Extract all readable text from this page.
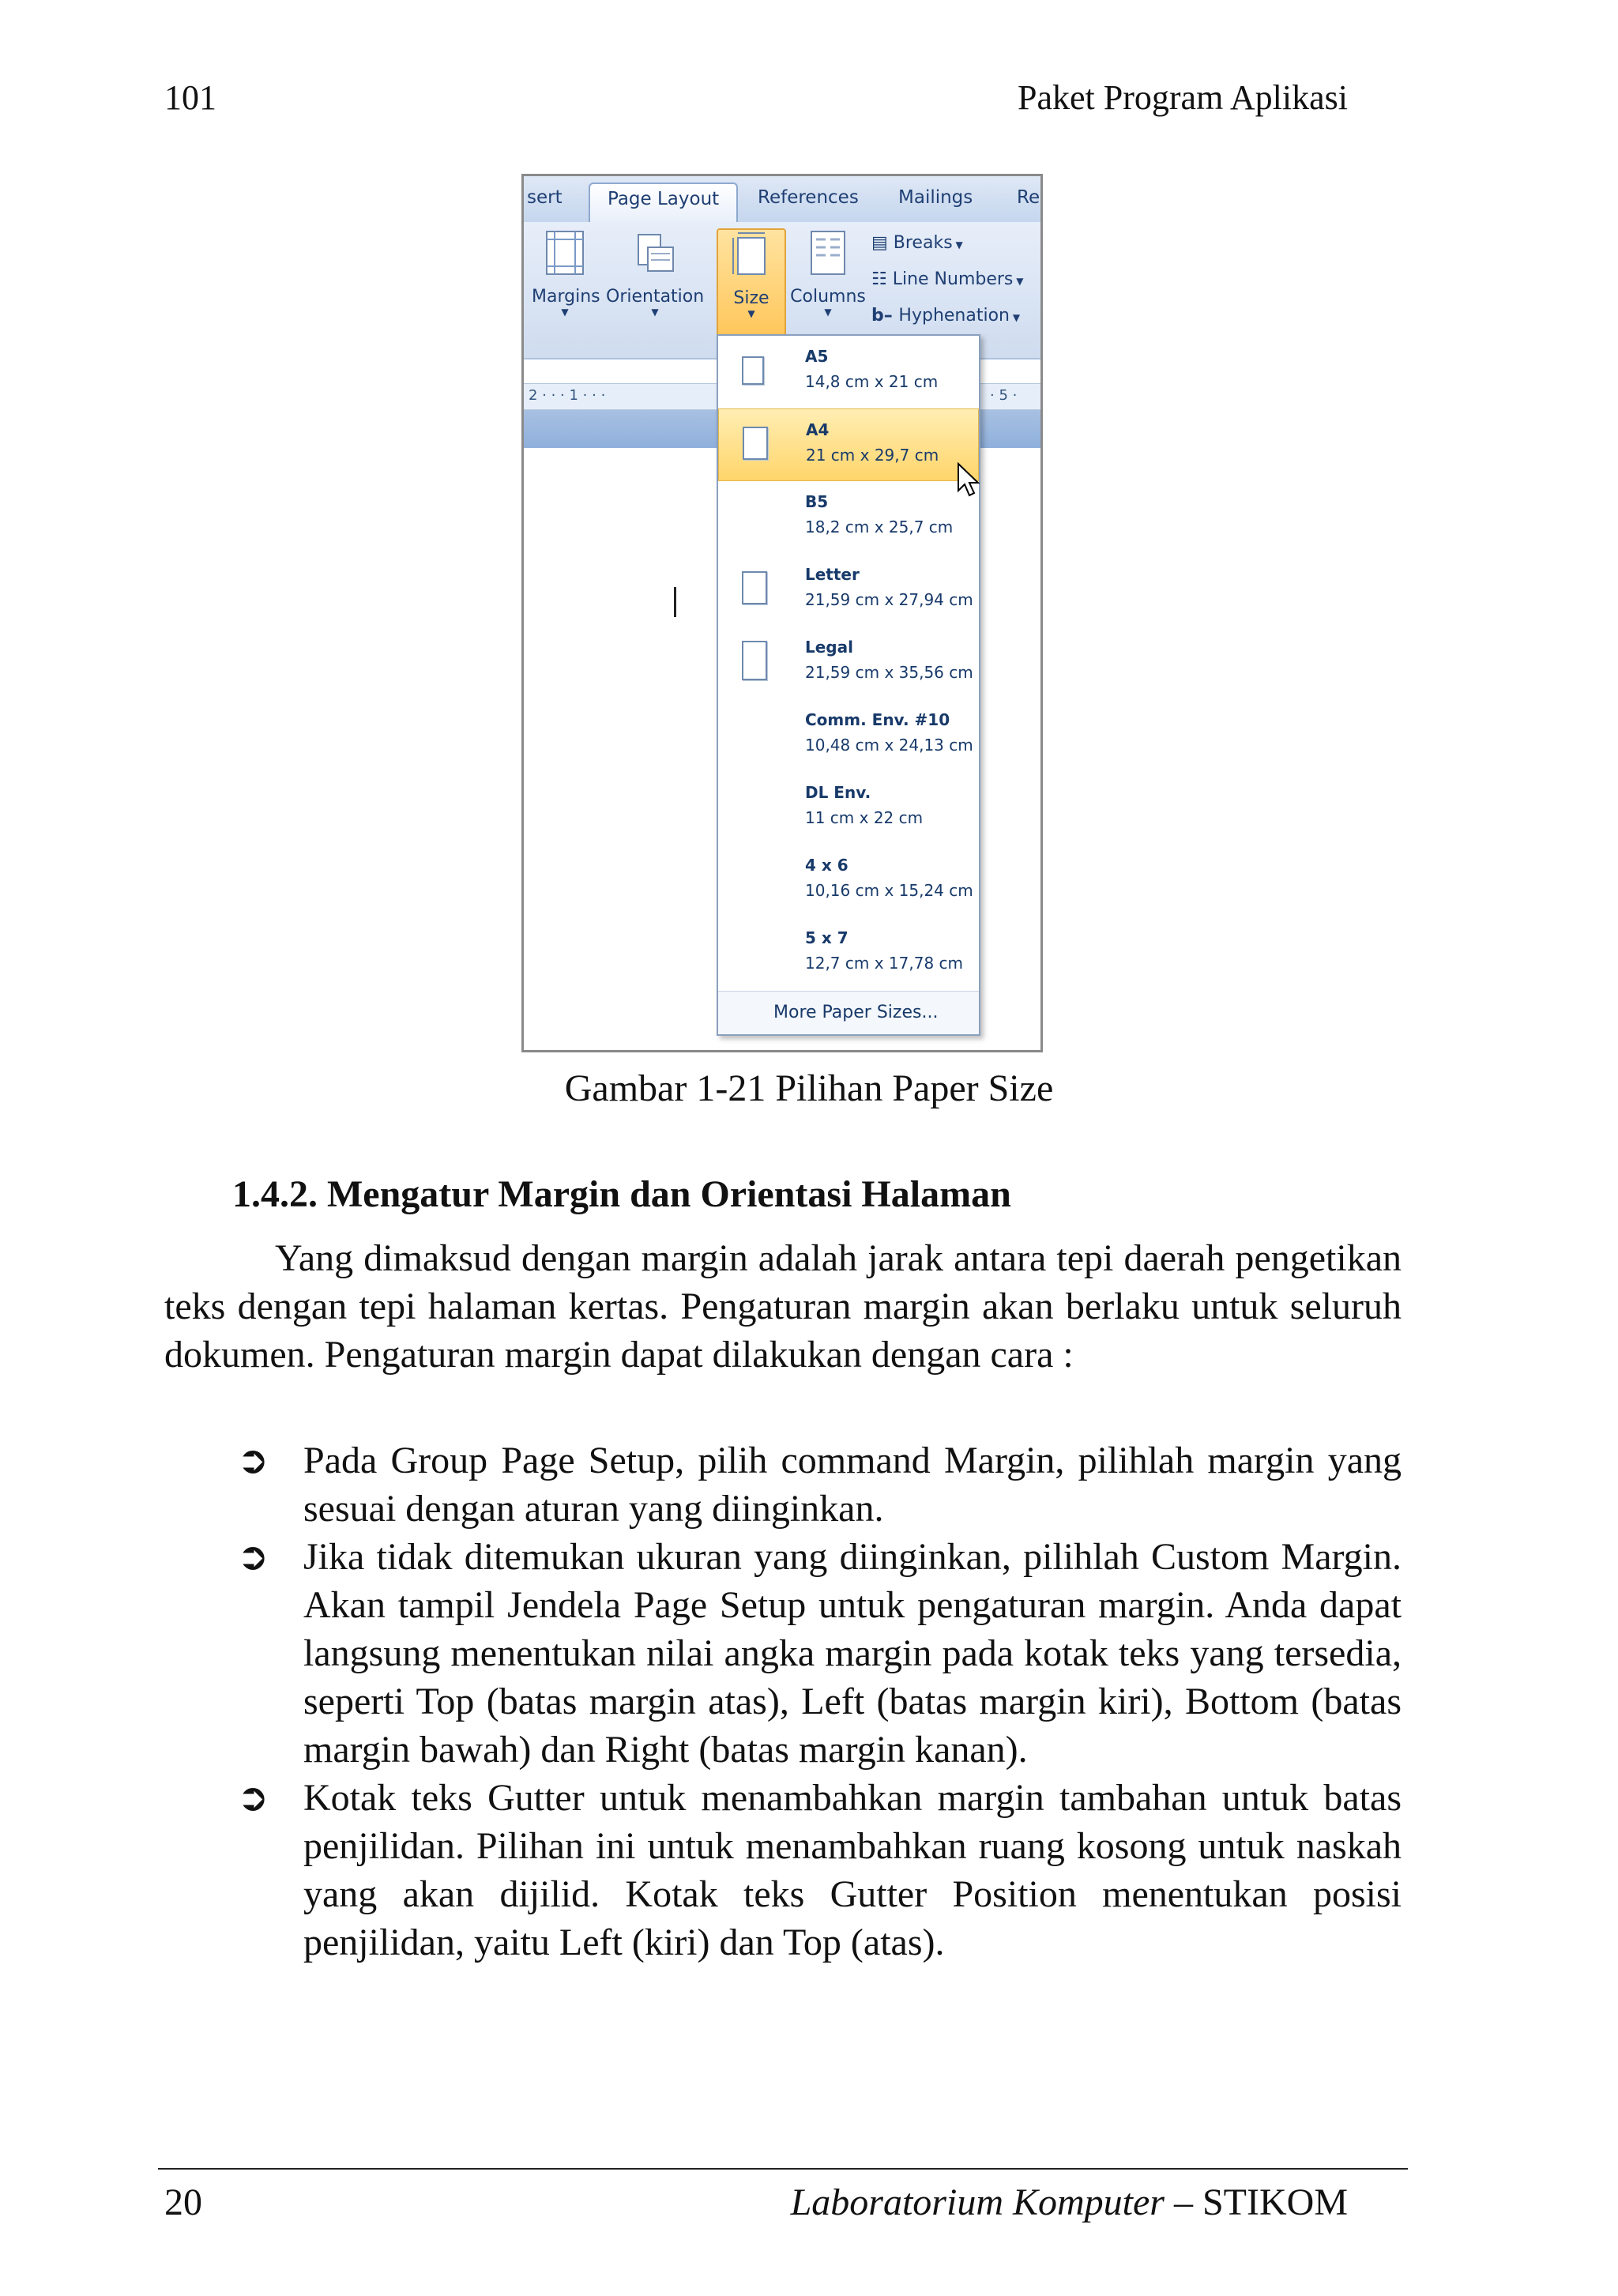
101	Paket Program Aplikasi
sert	Page Layout	References Mailings Re
Margins
▼
Orientation
▼
Size
▼
Columns
▼
▤ Breaks ▼
☷ Line Numbers ▼
b– Hyphenation ▼
2 · · · 1 · · ·	· 5 ·
A5
14,8 cm x 21 cm
A4
21 cm x 29,7 cm
B5
18,2 cm x 25,7 cm
Letter
21,59 cm x 27,94 cm
Legal
21,59 cm x 35,56 cm
Comm. Env. #10
10,48 cm x 24,13 cm
DL Env.
11 cm x 22 cm
4 x 6
10,16 cm x 15,24 cm
5 x 7
12,7 cm x 17,78 cm
More Paper Sizes...
Gambar 1-21 Pilihan Paper Size
1.4.2. Mengatur Margin dan Orientasi Halaman
Yang dimaksud dengan margin adalah jarak antara tepi daerah pengetikan teks dengan tepi halaman kertas. Pengaturan margin akan berlaku untuk seluruh dokumen. Pengaturan margin dapat dilakukan dengan cara :
➲ Pada Group Page Setup, pilih command Margin, pilihlah margin yang sesuai dengan aturan yang diinginkan.
➲ Jika tidak ditemukan ukuran yang diinginkan, pilihlah Custom Margin. Akan tampil Jendela Page Setup untuk pengaturan margin. Anda dapat langsung menentukan nilai angka margin pada kotak teks yang tersedia, seperti Top (batas margin atas), Left (batas margin kiri), Bottom (batas margin bawah) dan Right (batas margin kanan).
➲ Kotak teks Gutter untuk menambahkan margin tambahan untuk batas penjilidan. Pilihan ini untuk menambahkan ruang kosong untuk naskah yang akan dijilid. Kotak teks Gutter Position menentukan posisi penjilidan, yaitu Left (kiri) dan Top (atas).
20	Laboratorium Komputer – STIKOM
